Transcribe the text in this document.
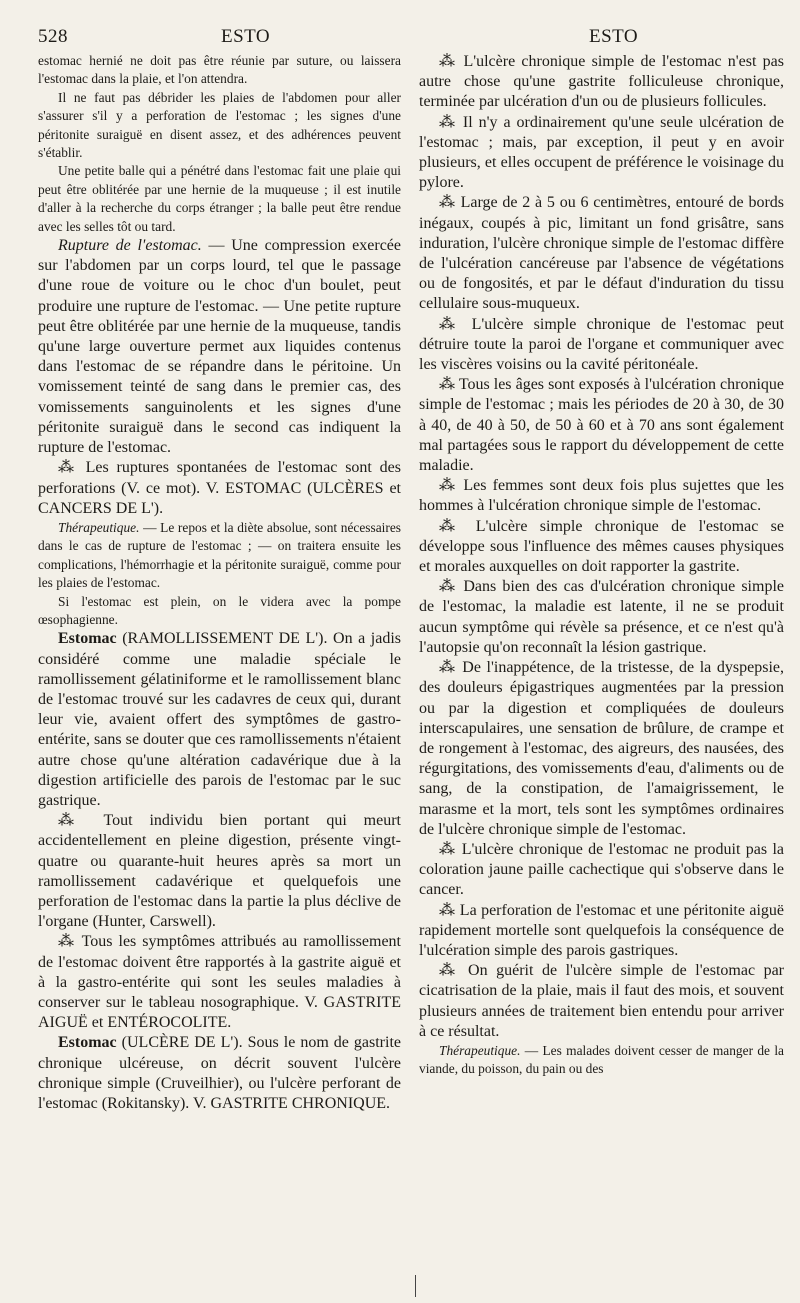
528	ESTO	ESTO

estomac hernié ne doit pas être réunie par suture, ou laissera l'estomac dans la plaie, et l'on attendra.

Il ne faut pas débrider les plaies de l'abdomen pour aller s'assurer s'il y a perforation de l'estomac ; les signes d'une péritonite suraiguë en disent assez, et des adhérences peuvent s'établir.

Une petite balle qui a pénétré dans l'estomac fait une plaie qui peut être oblitérée par une hernie de la muqueuse ; il est inutile d'aller à la recherche du corps étranger ; la balle peut être rendue avec les selles tôt ou tard.

Rupture de l'estomac. — Une compression exercée sur l'abdomen par un corps lourd, tel que le passage d'une roue de voiture ou le choc d'un boulet, peut produire une rupture de l'estomac. — Une petite rupture peut être oblitérée par une hernie de la muqueuse, tandis qu'une large ouverture permet aux liquides contenus dans l'estomac de se répandre dans le péritoine. Un vomissement teinté de sang dans le premier cas, des vomissements sanguinolents et les signes d'une péritonite suraiguë dans le second cas indiquent la rupture de l'estomac.

⁂ Les ruptures spontanées de l'estomac sont des perforations (V. ce mot). V. ESTOMAC (ULCÈRES et CANCERS DE L').

Thérapeutique. — Le repos et la diète absolue, sont nécessaires dans le cas de rupture de l'estomac ; — on traitera ensuite les complications, l'hémorrhagie et la péritonite suraiguë, comme pour les plaies de l'estomac.

Si l'estomac est plein, on le videra avec la pompe œsophagienne.

Estomac (RAMOLLISSEMENT DE L'). On a jadis considéré comme une maladie spéciale le ramollissement gélatiniforme et le ramollissement blanc de l'estomac trouvé sur les cadavres de ceux qui, durant leur vie, avaient offert des symptômes de gastro-entérite, sans se douter que ces ramollissements n'étaient autre chose qu'une altération cadavérique due à la digestion artificielle des parois de l'estomac par le suc gastrique.

⁂ Tout individu bien portant qui meurt accidentellement en pleine digestion, présente vingt-quatre ou quarante-huit heures après sa mort un ramollissement cadavérique et quelquefois une perforation de l'estomac dans la partie la plus déclive de l'organe (Hunter, Carswell).

⁂ Tous les symptômes attribués au ramollissement de l'estomac doivent être rapportés à la gastrite aiguë et à la gastro-entérite qui sont les seules maladies à conserver sur le tableau nosographique. V. GASTRITE AIGUË et ENTÉROCOLITE.

Estomac (ULCÈRE DE L'). Sous le nom de gastrite chronique ulcéreuse, on décrit souvent l'ulcère chronique simple (Cruveilhier), ou l'ulcère perforant de l'estomac (Rokitansky). V. GASTRITE CHRONIQUE.

⁂ L'ulcère chronique simple de l'estomac n'est pas autre chose qu'une gastrite folliculeuse chronique, terminée par ulcération d'un ou de plusieurs follicules.

⁂ Il n'y a ordinairement qu'une seule ulcération de l'estomac ; mais, par exception, il peut y en avoir plusieurs, et elles occupent de préférence le voisinage du pylore.

⁂ Large de 2 à 5 ou 6 centimètres, entouré de bords inégaux, coupés à pic, limitant un fond grisâtre, sans induration, l'ulcère chronique simple de l'estomac diffère de l'ulcération cancéreuse par l'absence de végétations ou de fongosités, et par le défaut d'induration du tissu cellulaire sous-muqueux.

⁂ L'ulcère simple chronique de l'estomac peut détruire toute la paroi de l'organe et communiquer avec les viscères voisins ou la cavité péritonéale.

⁂ Tous les âges sont exposés à l'ulcération chronique simple de l'estomac ; mais les périodes de 20 à 30, de 30 à 40, de 40 à 50, de 50 à 60 et à 70 ans sont également mal partagées sous le rapport du développement de cette maladie.

⁂ Les femmes sont deux fois plus sujettes que les hommes à l'ulcération chronique simple de l'estomac.

⁂ L'ulcère simple chronique de l'estomac se développe sous l'influence des mêmes causes physiques et morales auxquelles on doit rapporter la gastrite.

⁂ Dans bien des cas d'ulcération chronique simple de l'estomac, la maladie est latente, il ne se produit aucun symptôme qui révèle sa présence, et ce n'est qu'à l'autopsie qu'on reconnaît la lésion gastrique.

⁂ De l'inappétence, de la tristesse, de la dyspepsie, des douleurs épigastriques augmentées par la pression ou par la digestion et compliquées de douleurs interscapulaires, une sensation de brûlure, de crampe et de rongement à l'estomac, des aigreurs, des nausées, des régurgitations, des vomissements d'eau, d'aliments ou de sang, de la constipation, de l'amaigrissement, le marasme et la mort, tels sont les symptômes ordinaires de l'ulcère chronique simple de l'estomac.

⁂ L'ulcère chronique de l'estomac ne produit pas la coloration jaune paille cachectique qui s'observe dans le cancer.

⁂ La perforation de l'estomac et une péritonite aiguë rapidement mortelle sont quelquefois la conséquence de l'ulcération simple des parois gastriques.

⁂ On guérit de l'ulcère simple de l'estomac par cicatrisation de la plaie, mais il faut des mois, et souvent plusieurs années de traitement bien entendu pour arriver à ce résultat.

Thérapeutique. — Les malades doivent cesser de manger de la viande, du poisson, du pain ou des
